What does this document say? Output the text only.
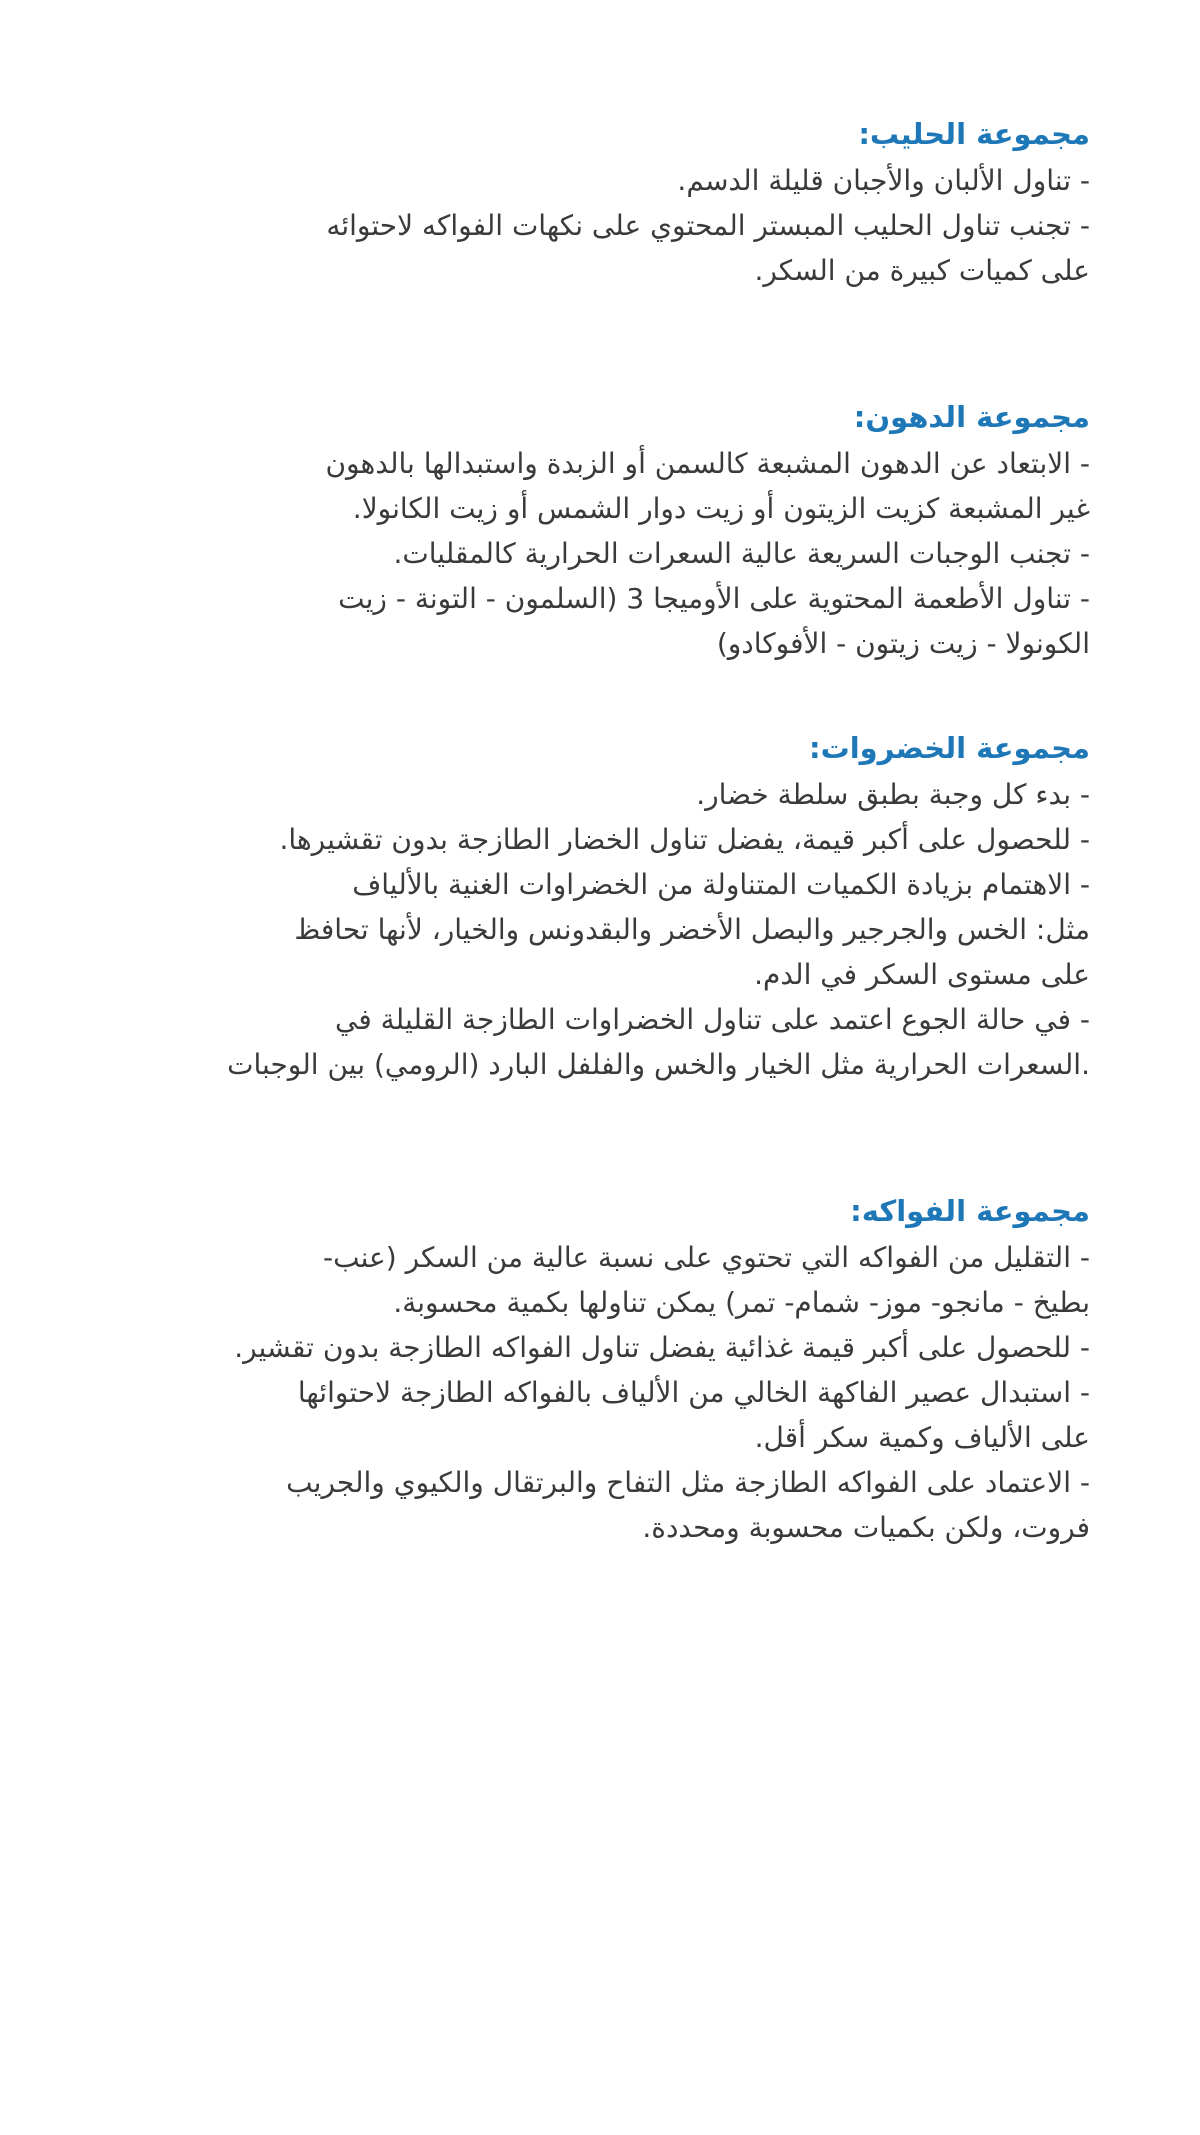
مجموعة الحليب:

- تناول الألبان والأجبان قليلة الدسم.

- تجنب تناول الحليب المبستر المحتوي على نكهات الفواكه لاحتوائه

على كميات كبيرة من السكر.

مجموعة الدهون:

- الابتعاد عن الدهون المشبعة كالسمن أو الزبدة واستبدالها بالدهون

غير المشبعة كزيت الزيتون أو زيت دوار الشمس أو زيت الكانولا.

- تجنب الوجبات السريعة عالية السعرات الحرارية كالمقليات.

- تناول الأطعمة المحتوية على الأوميجا 3 (السلمون - التونة - زيت

الكونولا - زيت زيتون - الأفوكادو)

مجموعة الخضروات:

- بدء كل وجبة بطبق سلطة خضار.

- للحصول على أكبر قيمة، يفضل تناول الخضار الطازجة بدون تقشيرها.

- الاهتمام بزيادة الكميات المتناولة من الخضراوات الغنية بالألياف

مثل: الخس والجرجير والبصل الأخضر والبقدونس والخيار، لأنها تحافظ

على مستوى السكر في الدم.

- في حالة الجوع اعتمد على تناول الخضراوات الطازجة القليلة في

.السعرات الحرارية مثل الخيار والخس والفلفل البارد (الرومي) بين الوجبات

مجموعة الفواكه:

- التقليل من الفواكه التي تحتوي على نسبة عالية من السكر (عنب-

بطيخ - مانجو- موز- شمام- تمر) يمكن تناولها بكمية محسوبة.

- للحصول على أكبر قيمة غذائية يفضل تناول الفواكه الطازجة بدون تقشير.

- استبدال عصير الفاكهة الخالي من الألياف بالفواكه الطازجة لاحتوائها

على الألياف وكمية سكر أقل.

- الاعتماد على الفواكه الطازجة مثل التفاح والبرتقال والكيوي والجريب

فروت، ولكن بكميات محسوبة ومحددة.
